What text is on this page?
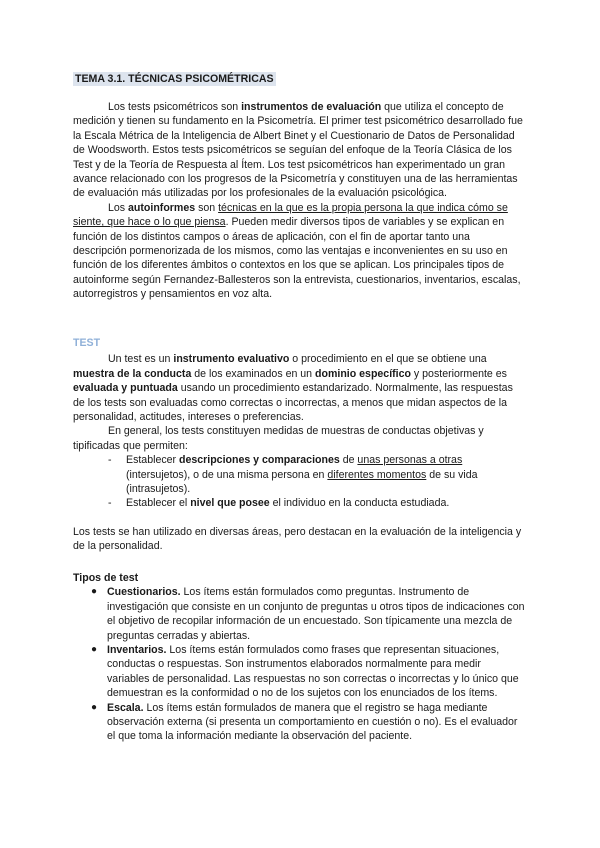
TEMA 3.1. TÉCNICAS PSICOMÉTRICAS

Los tests psicométricos son instrumentos de evaluación que utiliza el concepto de medición y tienen su fundamento en la Psicometría. El primer test psicométrico desarrollado fue la Escala Métrica de la Inteligencia de Albert Binet y el Cuestionario de Datos de Personalidad de Woodsworth. Estos tests psicométricos se seguían del enfoque de la Teoría Clásica de los Test y de la Teoría de Respuesta al Ítem. Los test psicométricos han experimentado un gran avance relacionado con los progresos de la Psicometría y constituyen una de las herramientas de evaluación más utilizadas por los profesionales de la evaluación psicológica.

Los autoinformes son técnicas en la que es la propia persona la que indica cómo se siente, que hace o lo que piensa. Pueden medir diversos tipos de variables y se explican en función de los distintos campos o áreas de aplicación, con el fin de aportar tanto una descripción pormenorizada de los mismos, como las ventajas e inconvenientes en su uso en función de los diferentes ámbitos o contextos en los que se aplican. Los principales tipos de autoinforme según Fernandez-Ballesteros son la entrevista, cuestionarios, inventarios, escalas, autorregistros y pensamientos en voz alta.

TEST

Un test es un instrumento evaluativo o procedimiento en el que se obtiene una muestra de la conducta de los examinados en un dominio específico y posteriormente es evaluada y puntuada usando un procedimiento estandarizado. Normalmente, las respuestas de los tests son evaluadas como correctas o incorrectas, a menos que midan aspectos de la personalidad, actitudes, intereses o preferencias.

En general, los tests constituyen medidas de muestras de conductas objetivas y tipificadas que permiten:

- Establecer descripciones y comparaciones de unas personas a otras (intersujetos), o de una misma persona en diferentes momentos de su vida (intrasujetos).
- Establecer el nivel que posee el individuo en la conducta estudiada.

Los tests se han utilizado en diversas áreas, pero destacan en la evaluación de la inteligencia y de la personalidad.

Tipos de test

● Cuestionarios. Los ítems están formulados como preguntas. Instrumento de investigación que consiste en un conjunto de preguntas u otros tipos de indicaciones con el objetivo de recopilar información de un encuestado. Son típicamente una mezcla de preguntas cerradas y abiertas.
● Inventarios. Los ítems están formulados como frases que representan situaciones, conductas o respuestas. Son instrumentos elaborados normalmente para medir variables de personalidad. Las respuestas no son correctas o incorrectas y lo único que demuestran es la conformidad o no de los sujetos con los enunciados de los ítems.
● Escala. Los ítems están formulados de manera que el registro se haga mediante observación externa (si presenta un comportamiento en cuestión o no). Es el evaluador el que toma la información mediante la observación del paciente.
